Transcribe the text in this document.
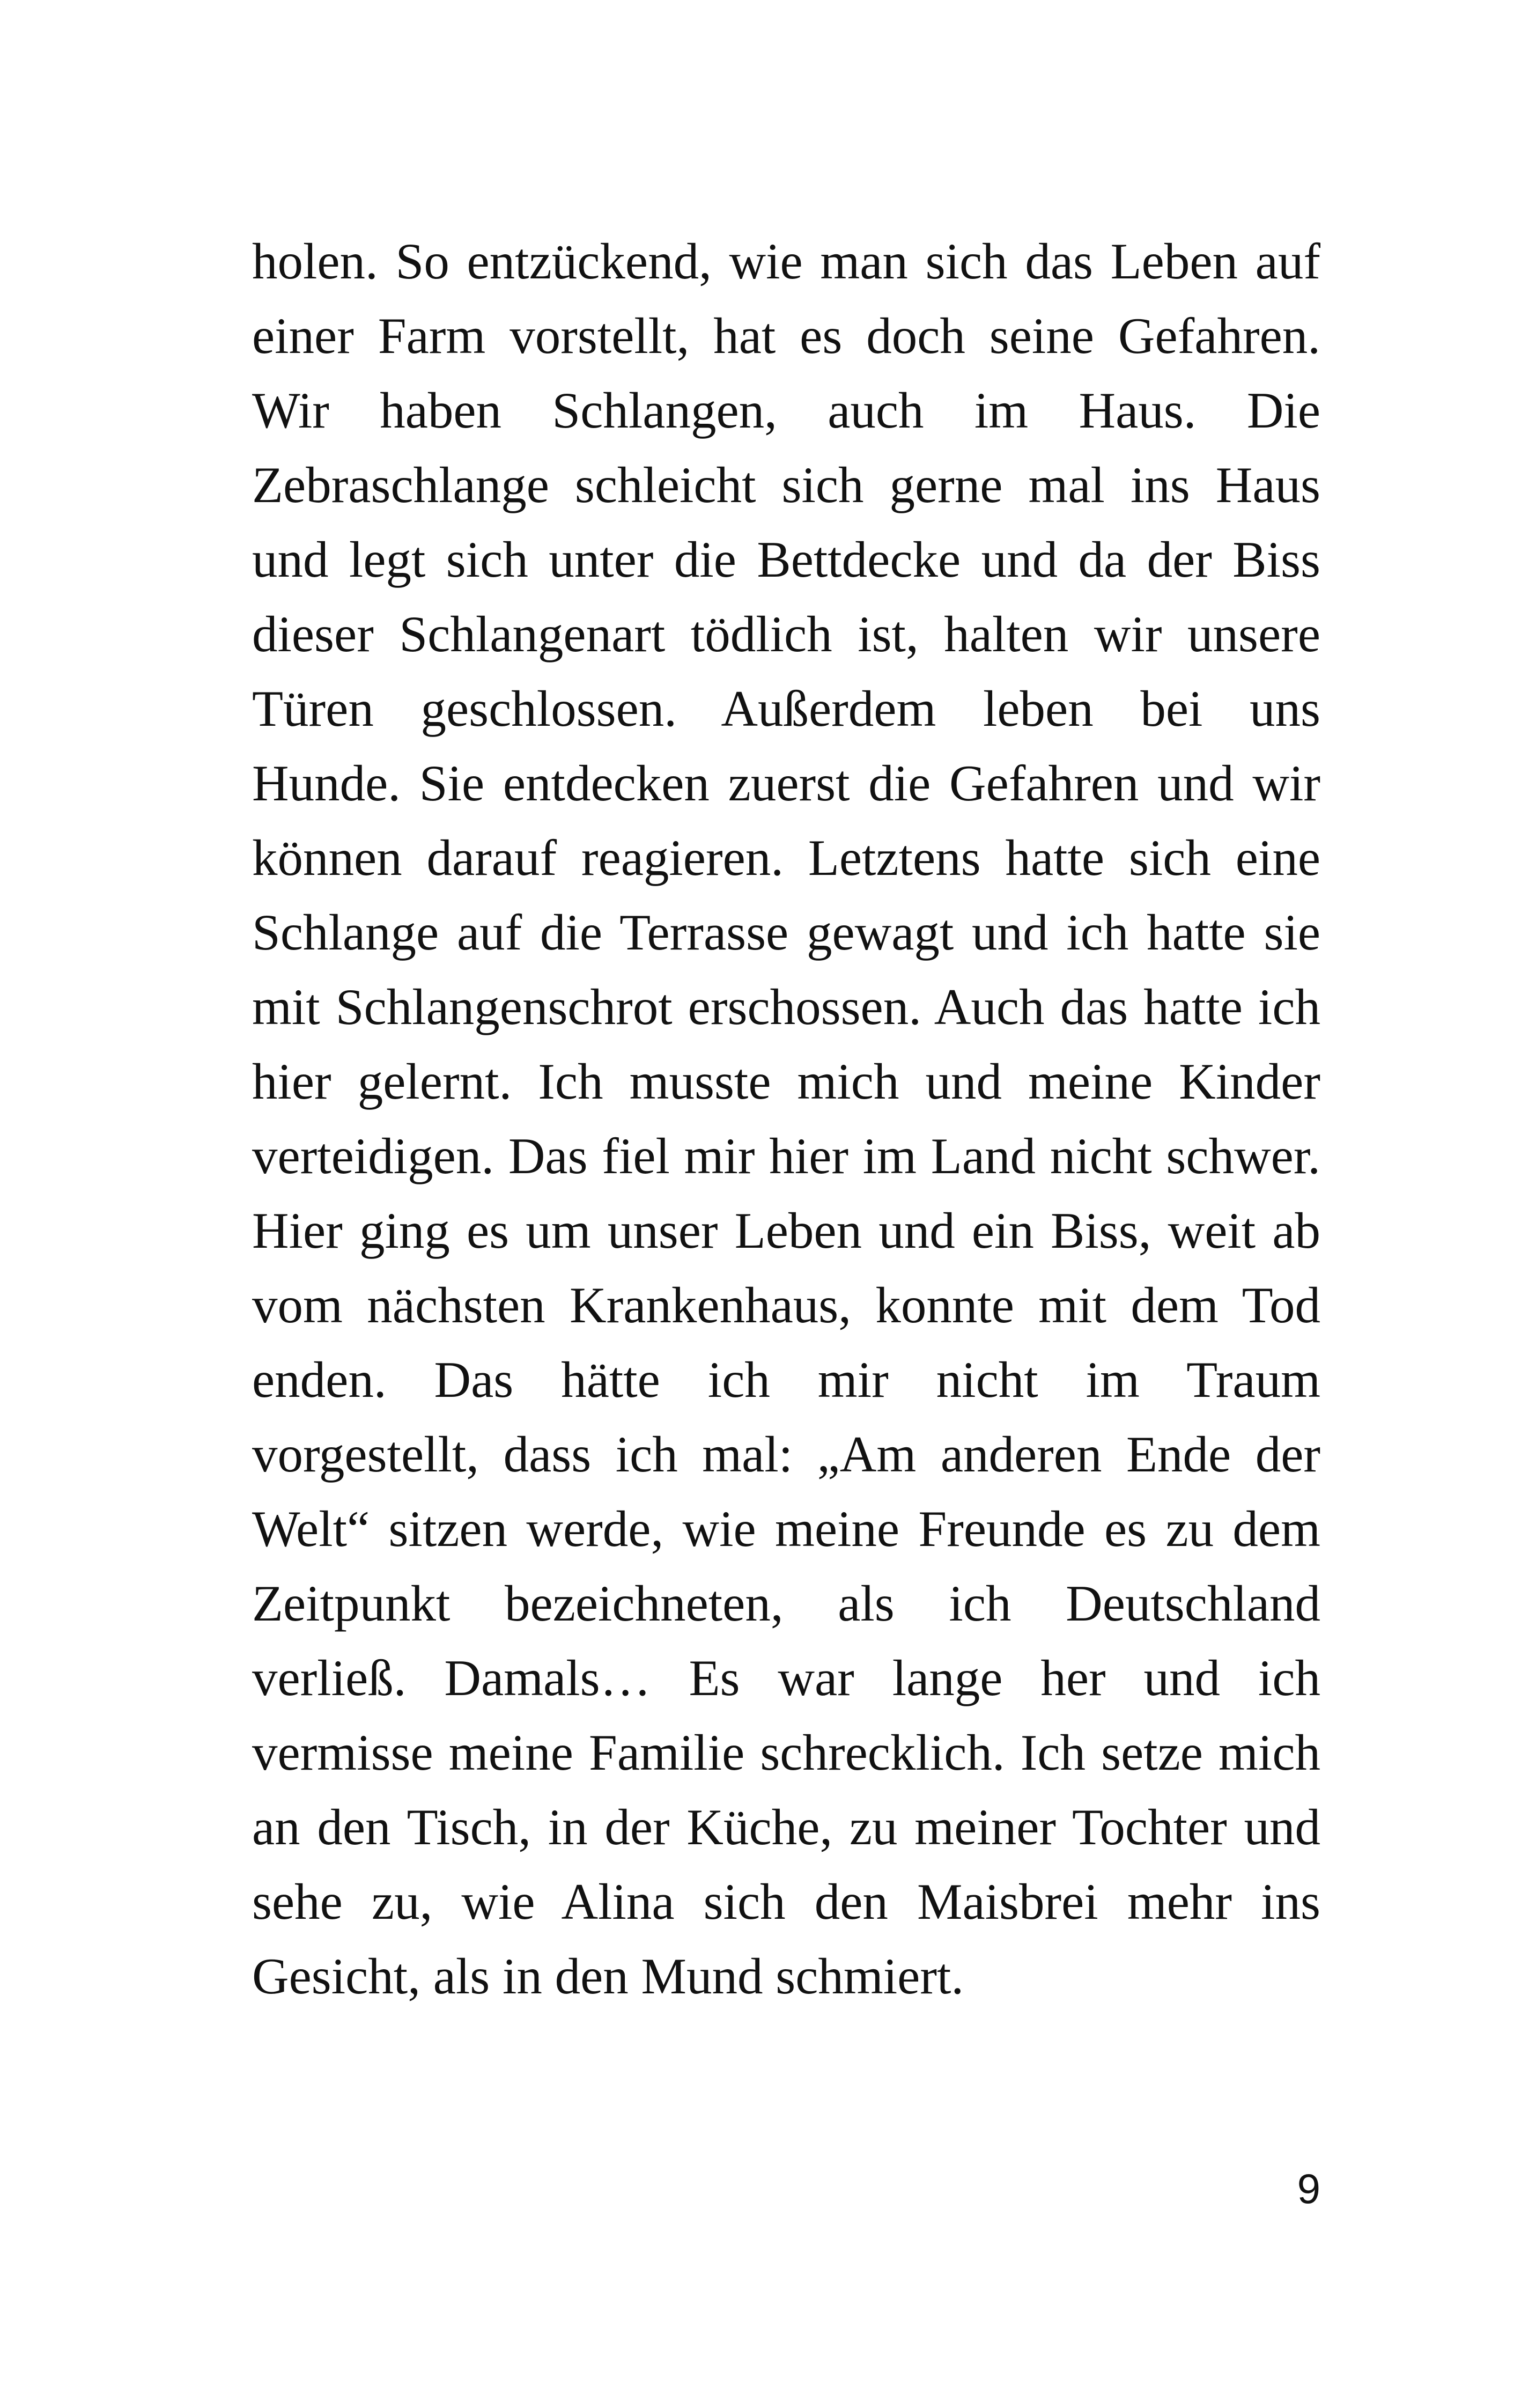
holen. So entzückend, wie man sich das Leben auf
einer Farm vorstellt, hat es doch seine Gefahren.
Wir haben Schlangen, auch im Haus. Die
Zebraschlange schleicht sich gerne mal ins Haus
und legt sich unter die Bettdecke und da der Biss
dieser Schlangenart tödlich ist, halten wir unsere
Türen geschlossen. Außerdem leben bei uns
Hunde. Sie entdecken zuerst die Gefahren und wir
können darauf reagieren. Letztens hatte sich eine
Schlange auf die Terrasse gewagt und ich hatte sie
mit Schlangenschrot erschossen. Auch das hatte ich
hier gelernt. Ich musste mich und meine Kinder
verteidigen. Das fiel mir hier im Land nicht schwer.
Hier ging es um unser Leben und ein Biss, weit ab
vom nächsten Krankenhaus, konnte mit dem Tod
enden. Das hätte ich mir nicht im Traum
vorgestellt, dass ich mal: „Am anderen Ende der
Welt“ sitzen werde, wie meine Freunde es zu dem
Zeitpunkt bezeichneten, als ich Deutschland
verließ. Damals… Es war lange her und ich
vermisse meine Familie schrecklich. Ich setze mich
an den Tisch, in der Küche, zu meiner Tochter und
sehe zu, wie Alina sich den Maisbrei mehr ins
Gesicht, als in den Mund schmiert.
9
